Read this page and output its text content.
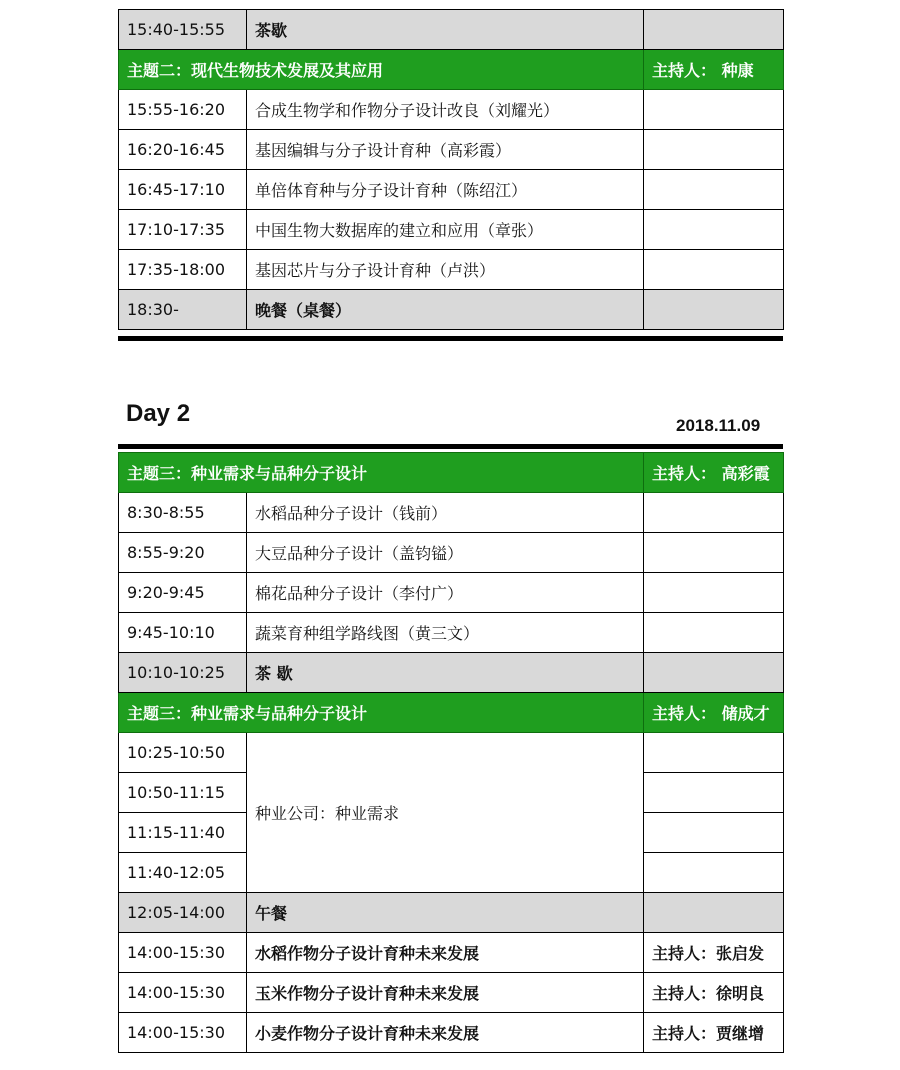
15:40-15:55	茶歇	
主题二：现代生物技术发展及其应用		主持人： 种康
15:55-16:20	合成生物学和作物分子设计改良（刘耀光）	
16:20-16:45	基因编辑与分子设计育种（高彩霞）	
16:45-17:10	单倍体育种与分子设计育种（陈绍江）	
17:10-17:35	中国生物大数据库的建立和应用（章张）	
17:35-18:00	基因芯片与分子设计育种（卢洪）	
18:30-	晚餐（桌餐）	
Day 2	2018.11.09
主题三：种业需求与品种分子设计		主持人： 高彩霞
8:30-8:55	水稻品种分子设计（钱前）	
8:55-9:20	大豆品种分子设计（盖钧镒）	
9:20-9:45	棉花品种分子设计（李付广）	
9:45-10:10	蔬菜育种组学路线图（黄三文）	
10:10-10:25	茶 歇	
主题三：种业需求与品种分子设计		主持人： 储成才
10:25-10:50	种业公司：种业需求	
10:50-11:15		
11:15-11:40		
11:40-12:05		
12:05-14:00	午餐	
14:00-15:30	水稻作物分子设计育种未来发展	主持人：张启发
14:00-15:30	玉米作物分子设计育种未来发展	主持人：徐明良
14:00-15:30	小麦作物分子设计育种未来发展	主持人：贾继增
